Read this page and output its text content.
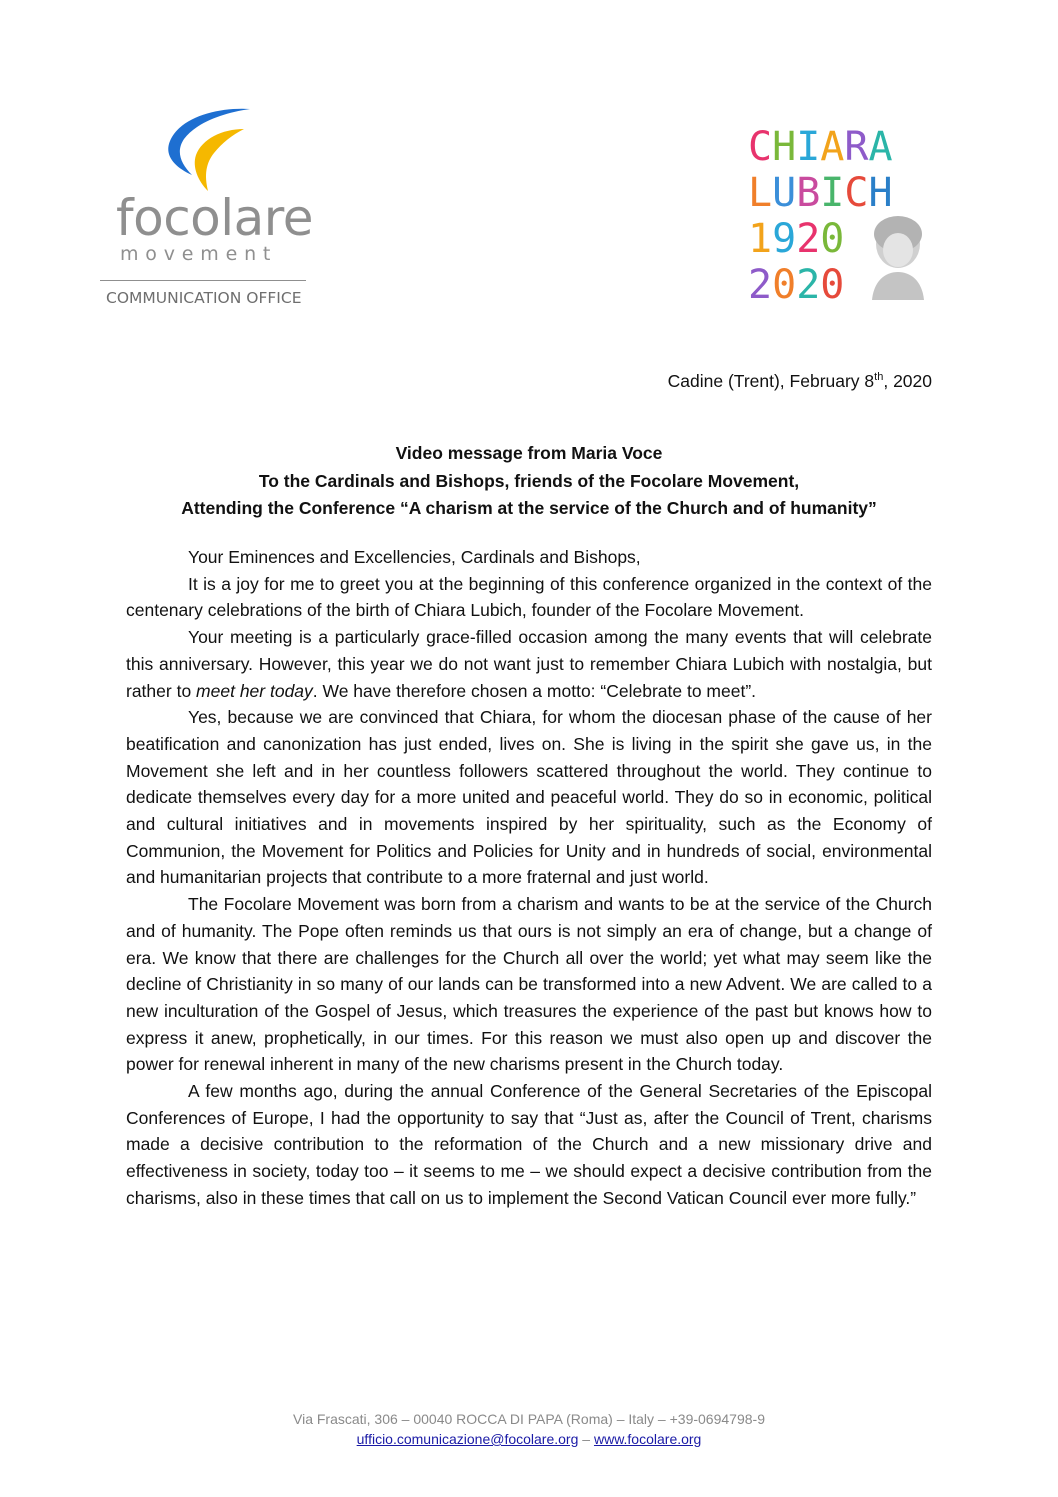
focolare
movement
COMMUNICATION OFFICE
CHIARA
LUBICH
1920
2020
Cadine (Trent), February 8th, 2020
Video message from Maria Voce
To the Cardinals and Bishops, friends of the Focolare Movement,
Attending the Conference “A charism at the service of the Church and of humanity”

Your Eminences and Excellencies, Cardinals and Bishops,

It is a joy for me to greet you at the beginning of this conference organized in the context of the centenary celebrations of the birth of Chiara Lubich, founder of the Focolare Movement.

Your meeting is a particularly grace-filled occasion among the many events that will celebrate this anniversary. However, this year we do not want just to remember Chiara Lubich with nostalgia, but rather to meet her today. We have therefore chosen a motto: “Celebrate to meet”.

Yes, because we are convinced that Chiara, for whom the diocesan phase of the cause of her beatification and canonization has just ended, lives on. She is living in the spirit she gave us, in the Movement she left and in her countless followers scattered throughout the world. They continue to dedicate themselves every day for a more united and peaceful world. They do so in economic, political and cultural initiatives and in movements inspired by her spirituality, such as the Economy of Communion, the Movement for Politics and Policies for Unity and in hundreds of social, environmental and humanitarian projects that contribute to a more fraternal and just world.

The Focolare Movement was born from a charism and wants to be at the service of the Church and of humanity. The Pope often reminds us that ours is not simply an era of change, but a change of era. We know that there are challenges for the Church all over the world; yet what may seem like the decline of Christianity in so many of our lands can be transformed into a new Advent. We are called to a new inculturation of the Gospel of Jesus, which treasures the experience of the past but knows how to express it anew, prophetically, in our times. For this reason we must also open up and discover the power for renewal inherent in many of the new charisms present in the Church today.

A few months ago, during the annual Conference of the General Secretaries of the Episcopal Conferences of Europe, I had the opportunity to say that “Just as, after the Council of Trent, charisms made a decisive contribution to the reformation of the Church and a new missionary drive and effectiveness in society, today too – it seems to me – we should expect a decisive contribution from the charisms, also in these times that call on us to implement the Second Vatican Council ever more fully.”

Via Frascati, 306 – 00040 ROCCA DI PAPA (Roma) – Italy – +39-0694798-9
ufficio.comunicazione@focolare.org – www.focolare.org
